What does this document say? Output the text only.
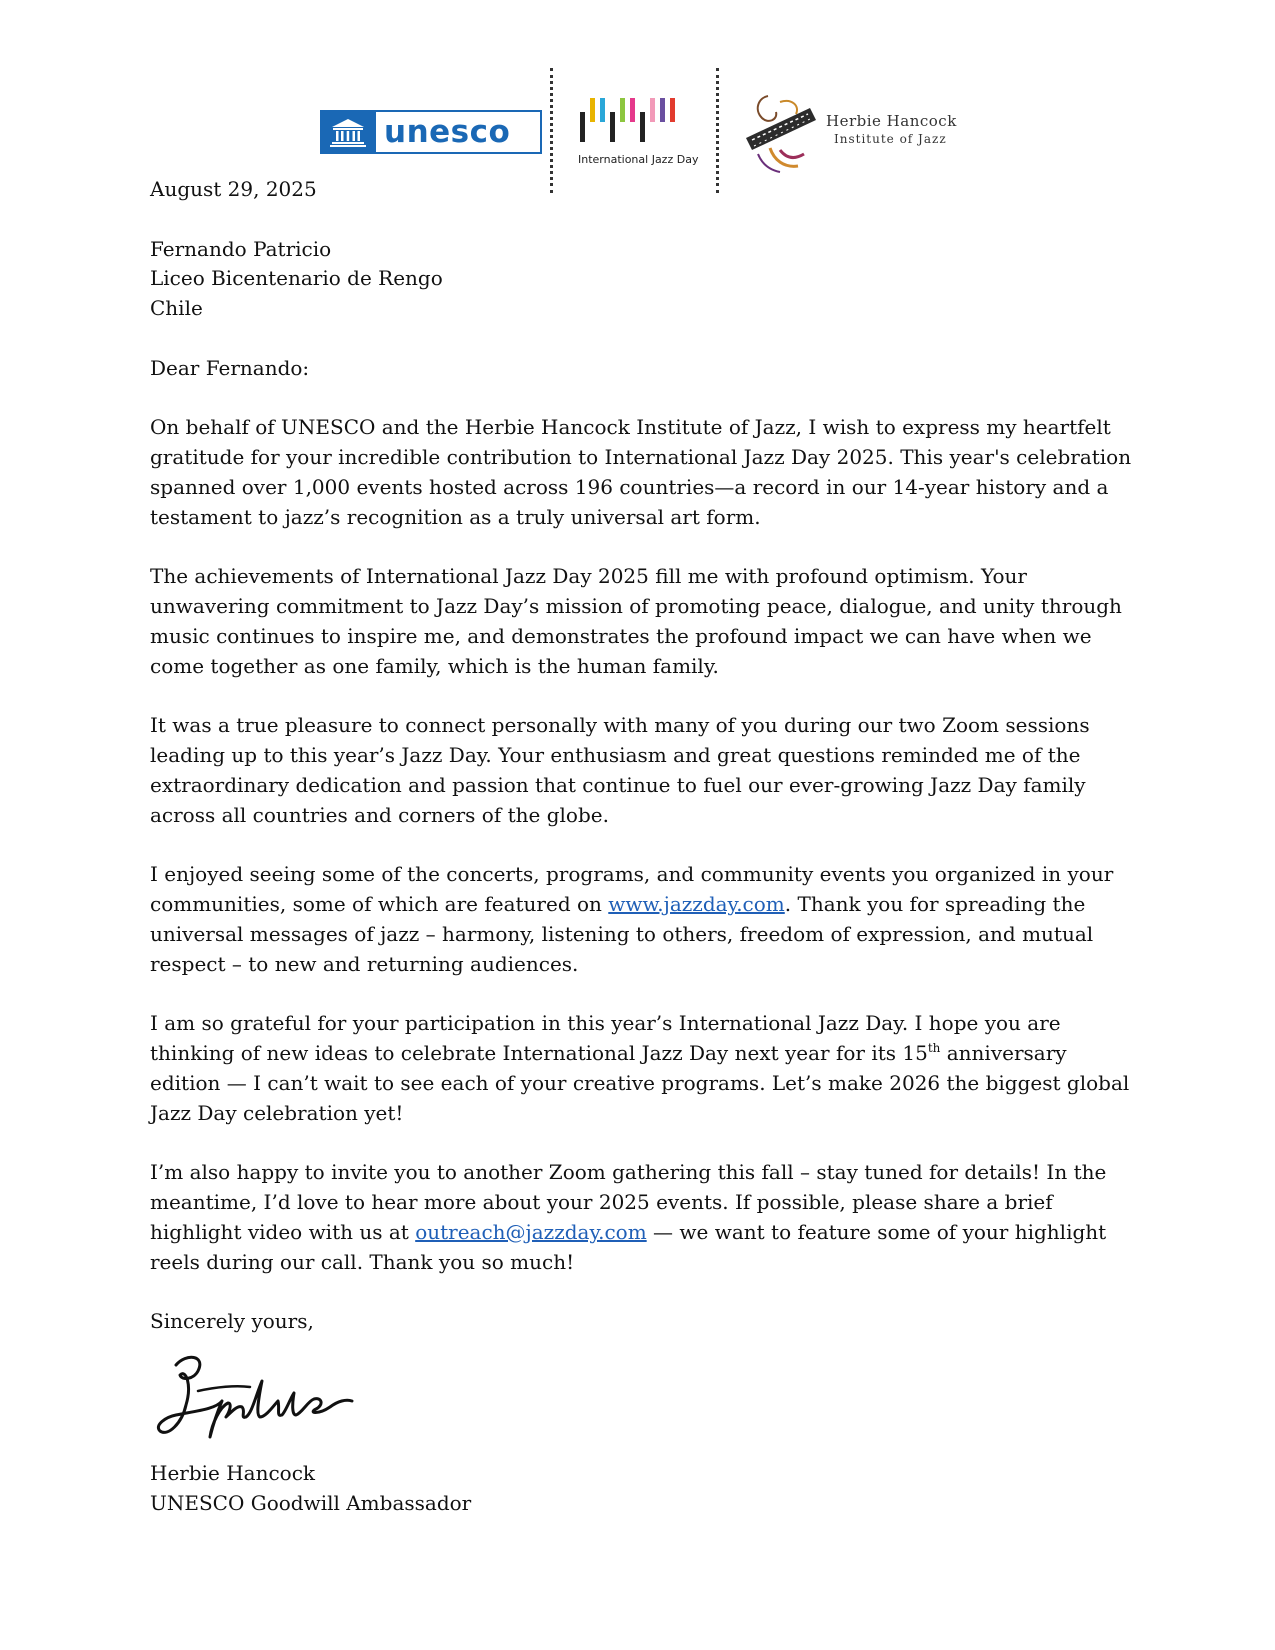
unesco
International Jazz Day
Herbie Hancock
Institute of Jazz

August 29, 2025

Fernando Patricio
Liceo Bicentenario de Rengo
Chile

Dear Fernando:

On behalf of UNESCO and the Herbie Hancock Institute of Jazz, I wish to express my heartfelt gratitude for your incredible contribution to International Jazz Day 2025. This year's celebration spanned over 1,000 events hosted across 196 countries—a record in our 14-year history and a testament to jazz’s recognition as a truly universal art form.

The achievements of International Jazz Day 2025 fill me with profound optimism. Your unwavering commitment to Jazz Day’s mission of promoting peace, dialogue, and unity through music continues to inspire me, and demonstrates the profound impact we can have when we come together as one family, which is the human family.

It was a true pleasure to connect personally with many of you during our two Zoom sessions leading up to this year’s Jazz Day. Your enthusiasm and great questions reminded me of the extraordinary dedication and passion that continue to fuel our ever-growing Jazz Day family across all countries and corners of the globe.

I enjoyed seeing some of the concerts, programs, and community events you organized in your communities, some of which are featured on www.jazzday.com. Thank you for spreading the universal messages of jazz – harmony, listening to others, freedom of expression, and mutual respect – to new and returning audiences.

I am so grateful for your participation in this year’s International Jazz Day. I hope you are thinking of new ideas to celebrate International Jazz Day next year for its 15th anniversary edition — I can’t wait to see each of your creative programs. Let’s make 2026 the biggest global Jazz Day celebration yet!

I’m also happy to invite you to another Zoom gathering this fall – stay tuned for details! In the meantime, I’d love to hear more about your 2025 events. If possible, please share a brief highlight video with us at outreach@jazzday.com — we want to feature some of your highlight reels during our call. Thank you so much!

Sincerely yours,

Herbie Hancock
UNESCO Goodwill Ambassador
